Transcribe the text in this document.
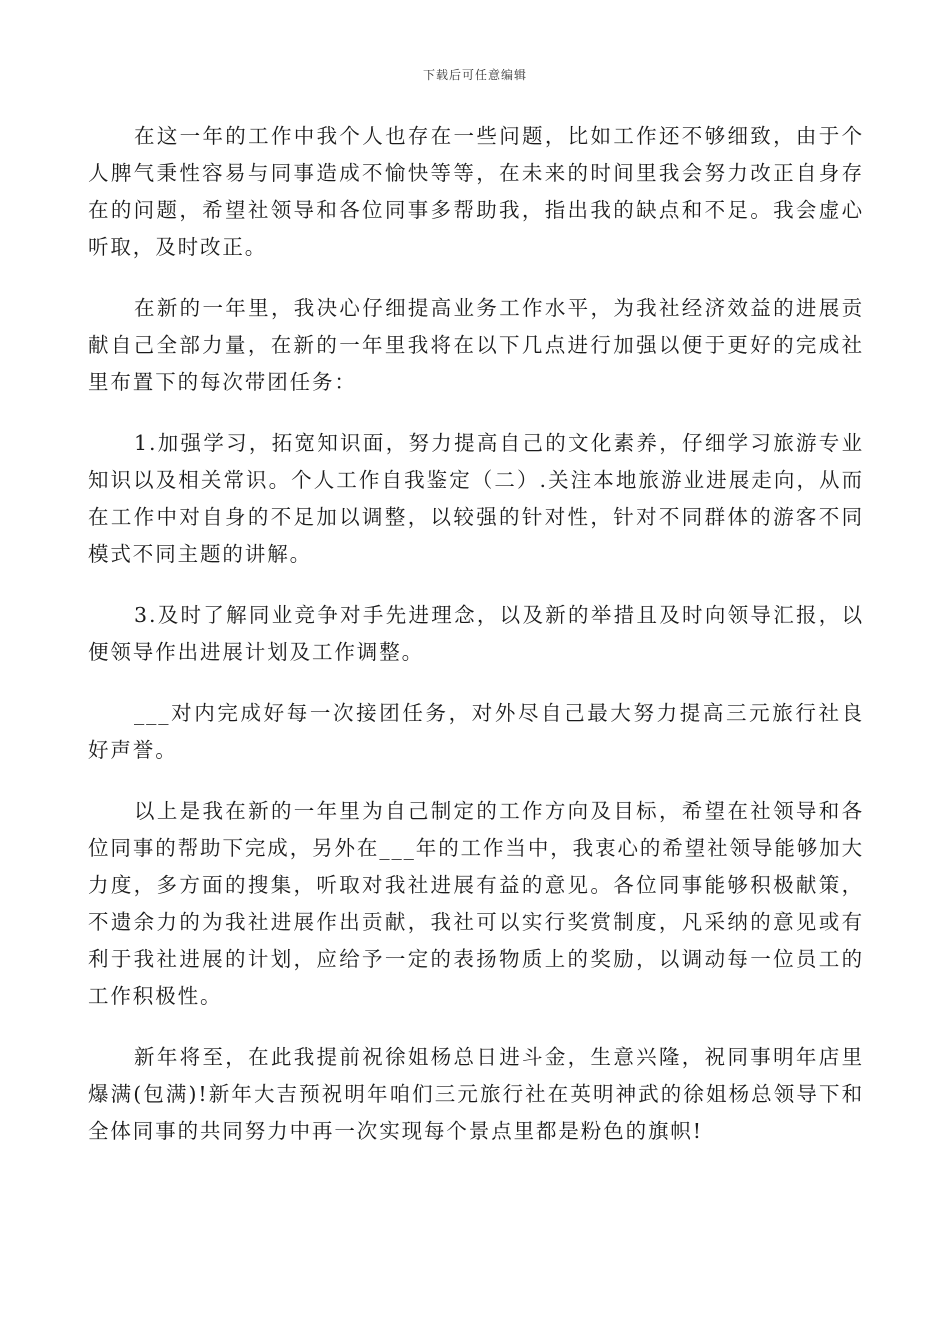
下载后可任意编辑

在这一年的工作中我个人也存在一些问题，比如工作还不够细致，由于个人脾气秉性容易与同事造成不愉快等等，在未来的时间里我会努力改正自身存在的问题，希望社领导和各位同事多帮助我，指出我的缺点和不足。我会虚心听取，及时改正。

在新的一年里，我决心仔细提高业务工作水平，为我社经济效益的进展贡献自己全部力量，在新的一年里我将在以下几点进行加强以便于更好的完成社里布置下的每次带团任务：

1.加强学习，拓宽知识面，努力提高自己的文化素养，仔细学习旅游专业知识以及相关常识。个人工作自我鉴定（二）.关注本地旅游业进展走向，从而在工作中对自身的不足加以调整，以较强的针对性，针对不同群体的游客不同模式不同主题的讲解。

3.及时了解同业竞争对手先进理念，以及新的举措且及时向领导汇报，以便领导作出进展计划及工作调整。

___对内完成好每一次接团任务，对外尽自己最大努力提高三元旅行社良好声誉。

以上是我在新的一年里为自己制定的工作方向及目标，希望在社领导和各位同事的帮助下完成，另外在___年的工作当中，我衷心的希望社领导能够加大力度，多方面的搜集，听取对我社进展有益的意见。各位同事能够积极献策，不遗余力的为我社进展作出贡献，我社可以实行奖赏制度，凡采纳的意见或有利于我社进展的计划，应给予一定的表扬物质上的奖励，以调动每一位员工的工作积极性。

新年将至，在此我提前祝徐姐杨总日进斗金，生意兴隆，祝同事明年店里爆满(包满)!新年大吉预祝明年咱们三元旅行社在英明神武的徐姐杨总领导下和全体同事的共同努力中再一次实现每个景点里都是粉色的旗帜!
